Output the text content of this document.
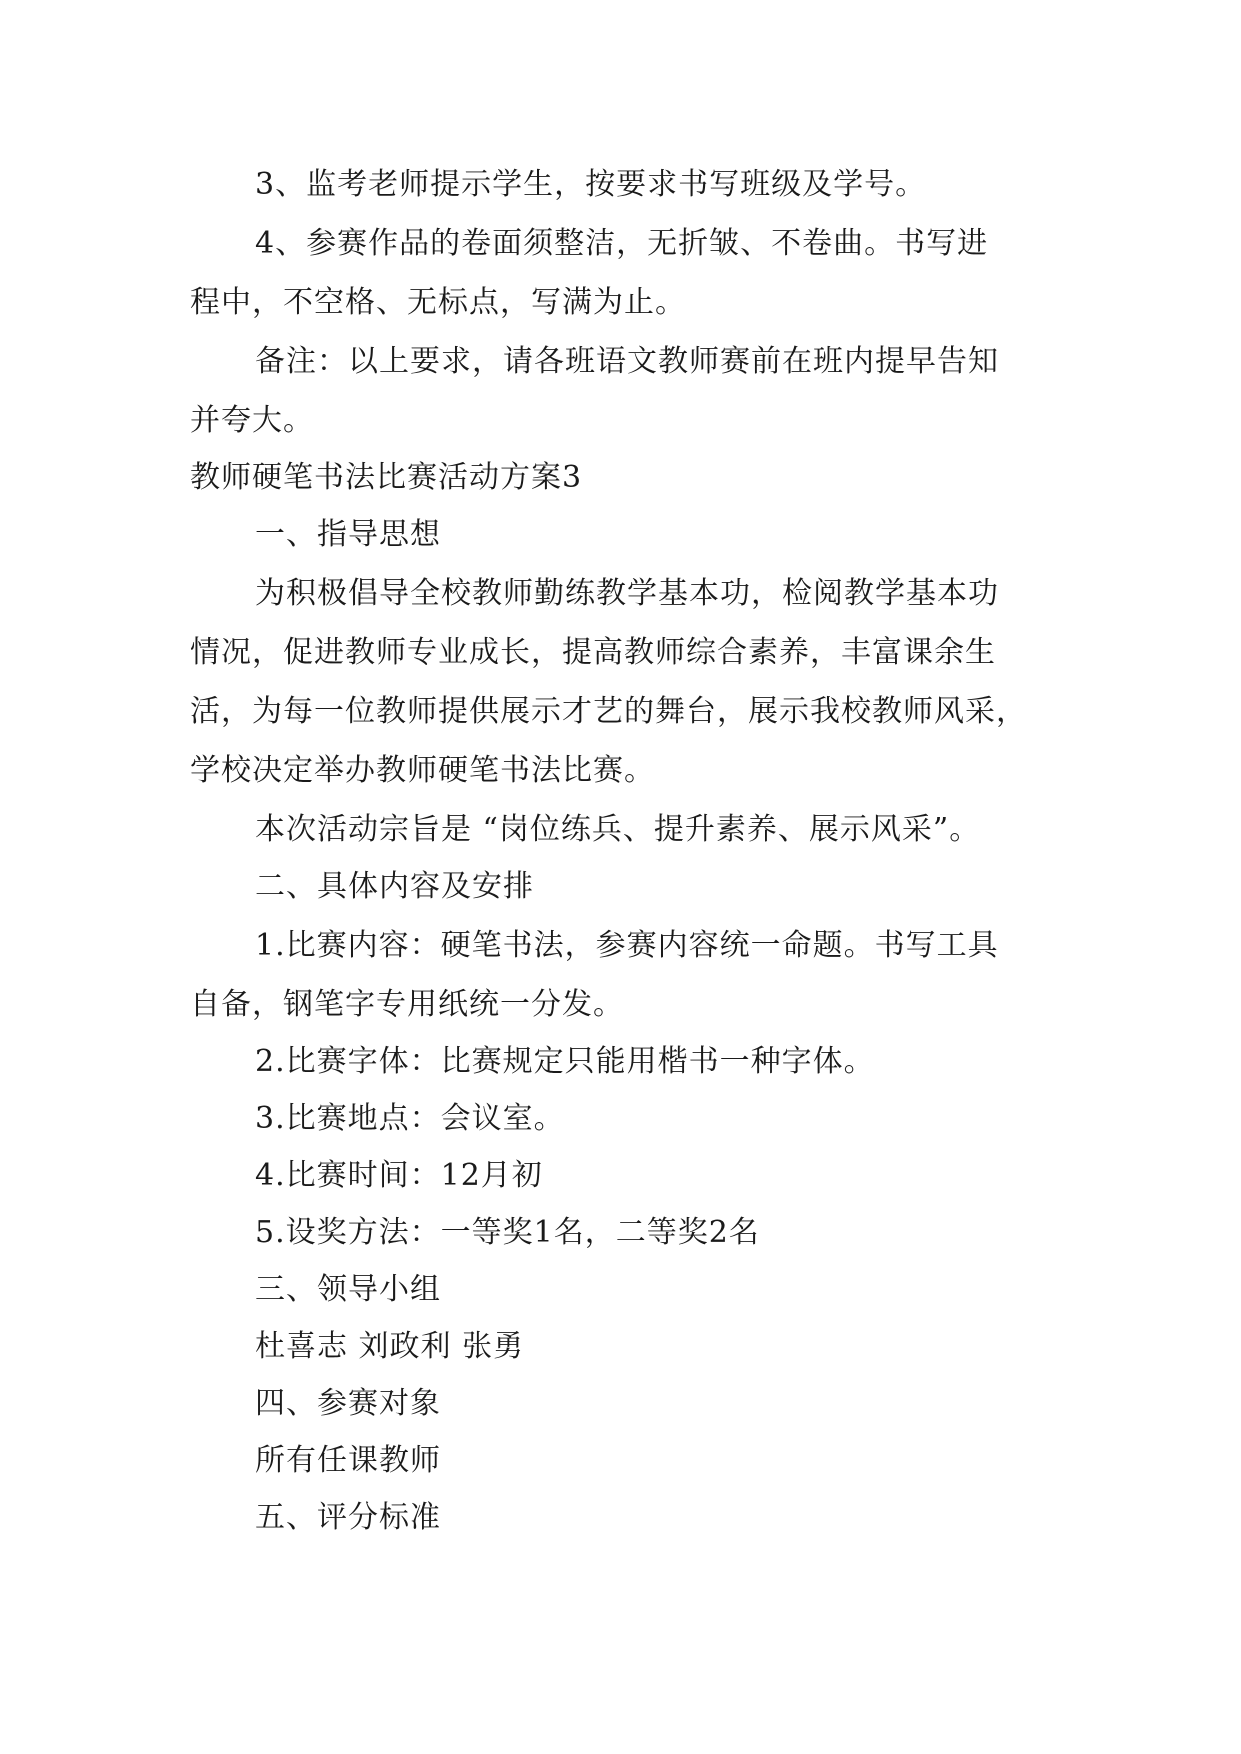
3、监考老师提示学生，按要求书写班级及学号。
4、参赛作品的卷面须整洁，无折皱、不卷曲。书写进
程中，不空格、无标点，写满为止。
备注：以上要求，请各班语文教师赛前在班内提早告知
并夸大。
教师硬笔书法比赛活动方案3
一、指导思想
为积极倡导全校教师勤练教学基本功，检阅教学基本功
情况，促进教师专业成长，提高教师综合素养，丰富课余生
活，为每一位教师提供展示才艺的舞台，展示我校教师风采，
学校决定举办教师硬笔书法比赛。
本次活动宗旨是 “岗位练兵、提升素养、展示风采”。
二、具体内容及安排
1.比赛内容：硬笔书法，参赛内容统一命题。书写工具
自备，钢笔字专用纸统一分发。
2.比赛字体：比赛规定只能用楷书一种字体。
3.比赛地点：会议室。
4.比赛时间：12月初
5.设奖方法：一等奖1名，二等奖2名
三、领导小组
杜喜志 刘政利 张勇
四、参赛对象
所有任课教师
五、评分标准
